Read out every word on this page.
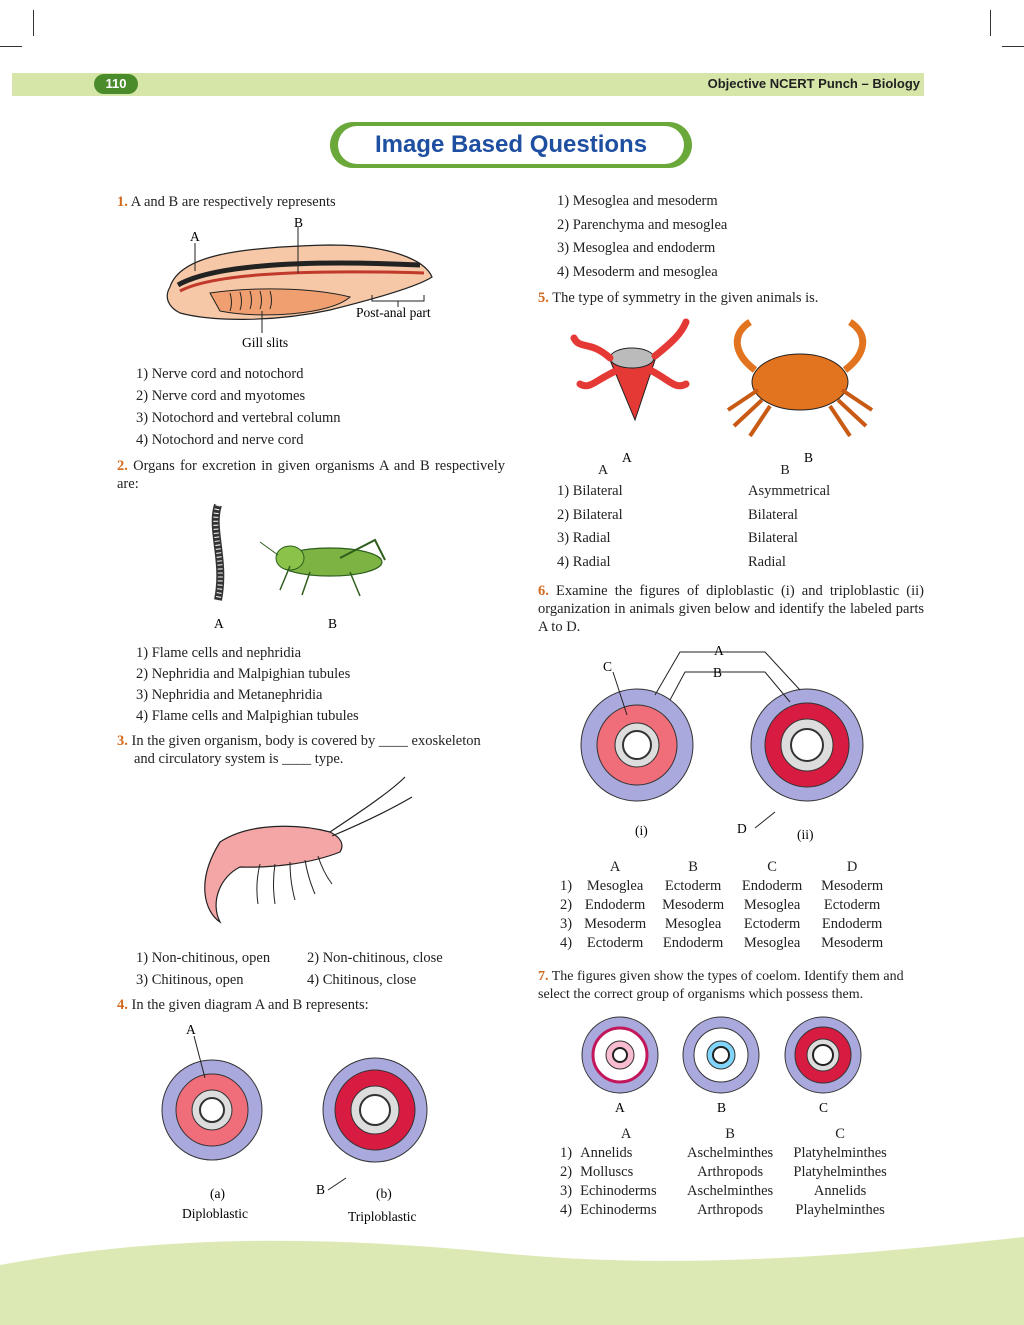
110	Objective NCERT Punch – Biology
Image Based Questions
1. A and B are respectively represents
A
B
Post-anal part
Gill slits
1) Nerve cord and notochord
2) Nerve cord and myotomes
3) Notochord and vertebral column
4) Notochord and nerve cord
2. Organs for excretion in given organisms A and B respectively are:
A	B
1) Flame cells and nephridia
2) Nephridia and Malpighian tubules
3) Nephridia and Metanephridia
4) Flame cells and Malpighian tubules
3. In the given organism, body is covered by ____ exoskeleton
and circulatory system is ____ type.
1) Non-chitinous, open	2) Non-chitinous, close
3) Chitinous, open	4) Chitinous, close
4. In the given diagram A and B represents:
A
B
(a)
Diploblastic
(b)
Triploblastic
1) Mesoglea and mesoderm
2) Parenchyma and mesoglea
3) Mesoglea and endoderm
4) Mesoderm and mesoglea
5. The type of symmetry in the given animals is.
A	B
A	B
1) Bilateral	Asymmetrical
2) Bilateral	Bilateral
3) Radial	Bilateral
4) Radial	Radial
6. Examine the figures of diploblastic (i) and triploblastic (ii) organization in animals given below and identify the labeled parts A to D.
C
A
B
D
(i)	(ii)
	A	B	C	D
1)	Mesoglea	Ectoderm	Endoderm	Mesoderm
2)	Endoderm	Mesoderm	Mesoglea	Ectoderm
3)	Mesoderm	Mesoglea	Ectoderm	Endoderm
4)	Ectoderm	Endoderm	Mesoglea	Mesoderm
7. The figures given show the types of coelom. Identify them and select the correct group of organisms which possess them.
A	B	C
	A	B	C
1)	Annelids	Aschelminthes	Platyhelminthes
2)	Molluscs	Arthropods	Platyhelminthes
3)	Echinoderms	Aschelminthes	Annelids
4)	Echinoderms	Arthropods	Playhelminthes
